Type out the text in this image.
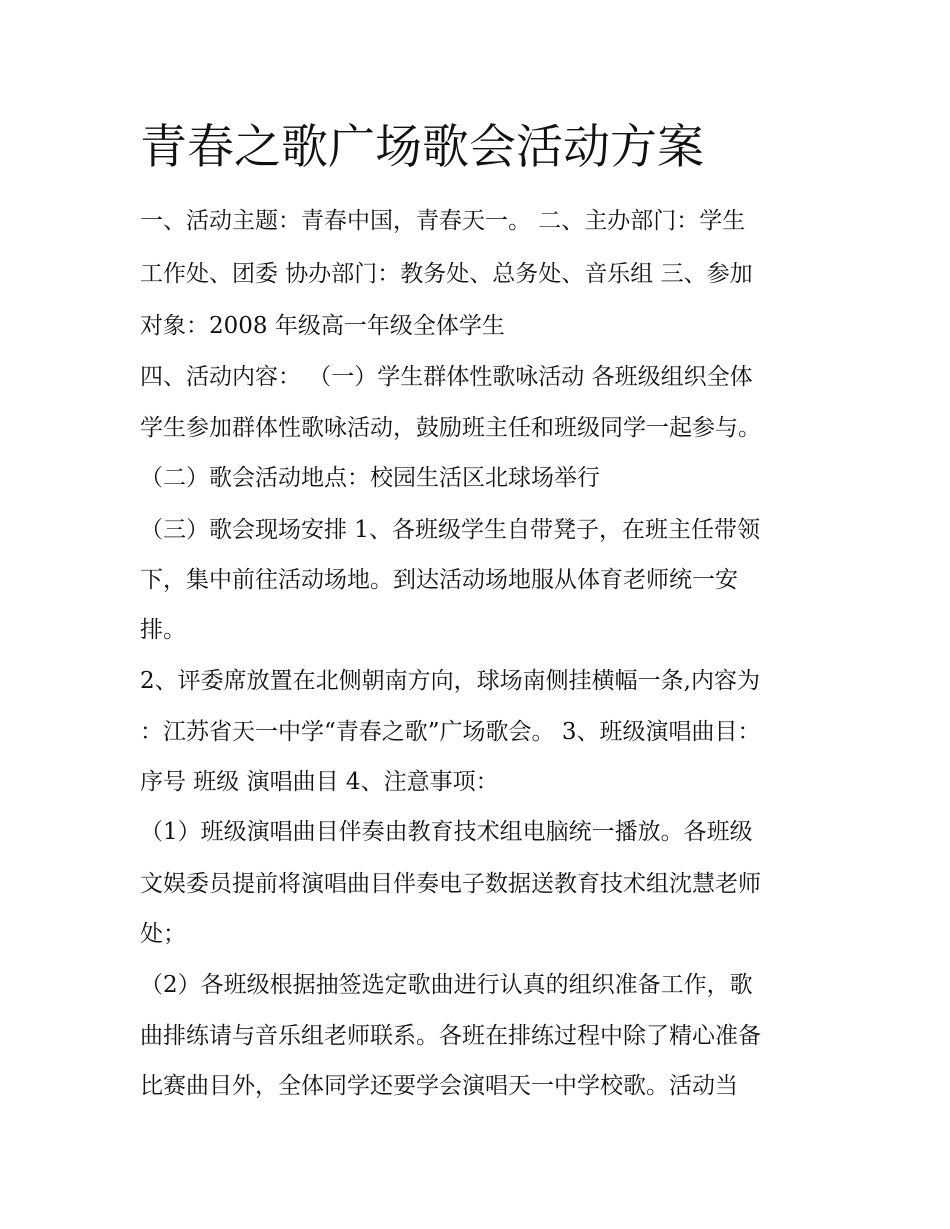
青春之歌广场歌会活动方案

一、活动主题：青春中国，青春天一。 二、主办部门：学生

工作处、团委 协办部门：教务处、总务处、音乐组 三、参加

对象：2008 年级高一年级全体学生

四、活动内容： （一）学生群体性歌咏活动 各班级组织全体

学生参加群体性歌咏活动，鼓励班主任和班级同学一起参与。

（二）歌会活动地点：校园生活区北球场举行

（三）歌会现场安排 1、各班级学生自带凳子，在班主任带领

下，集中前往活动场地。到达活动场地服从体育老师统一安

排。

2、评委席放置在北侧朝南方向，球场南侧挂横幅一条,内容为

：江苏省天一中学“青春之歌”广场歌会。 3、班级演唱曲目：

序号 班级 演唱曲目 4、注意事项：

（1）班级演唱曲目伴奏由教育技术组电脑统一播放。各班级

文娱委员提前将演唱曲目伴奏电子数据送教育技术组沈慧老师

处；

（2）各班级根据抽签选定歌曲进行认真的组织准备工作，歌

曲排练请与音乐组老师联系。各班在排练过程中除了精心准备

比赛曲目外，全体同学还要学会演唱天一中学校歌。活动当
